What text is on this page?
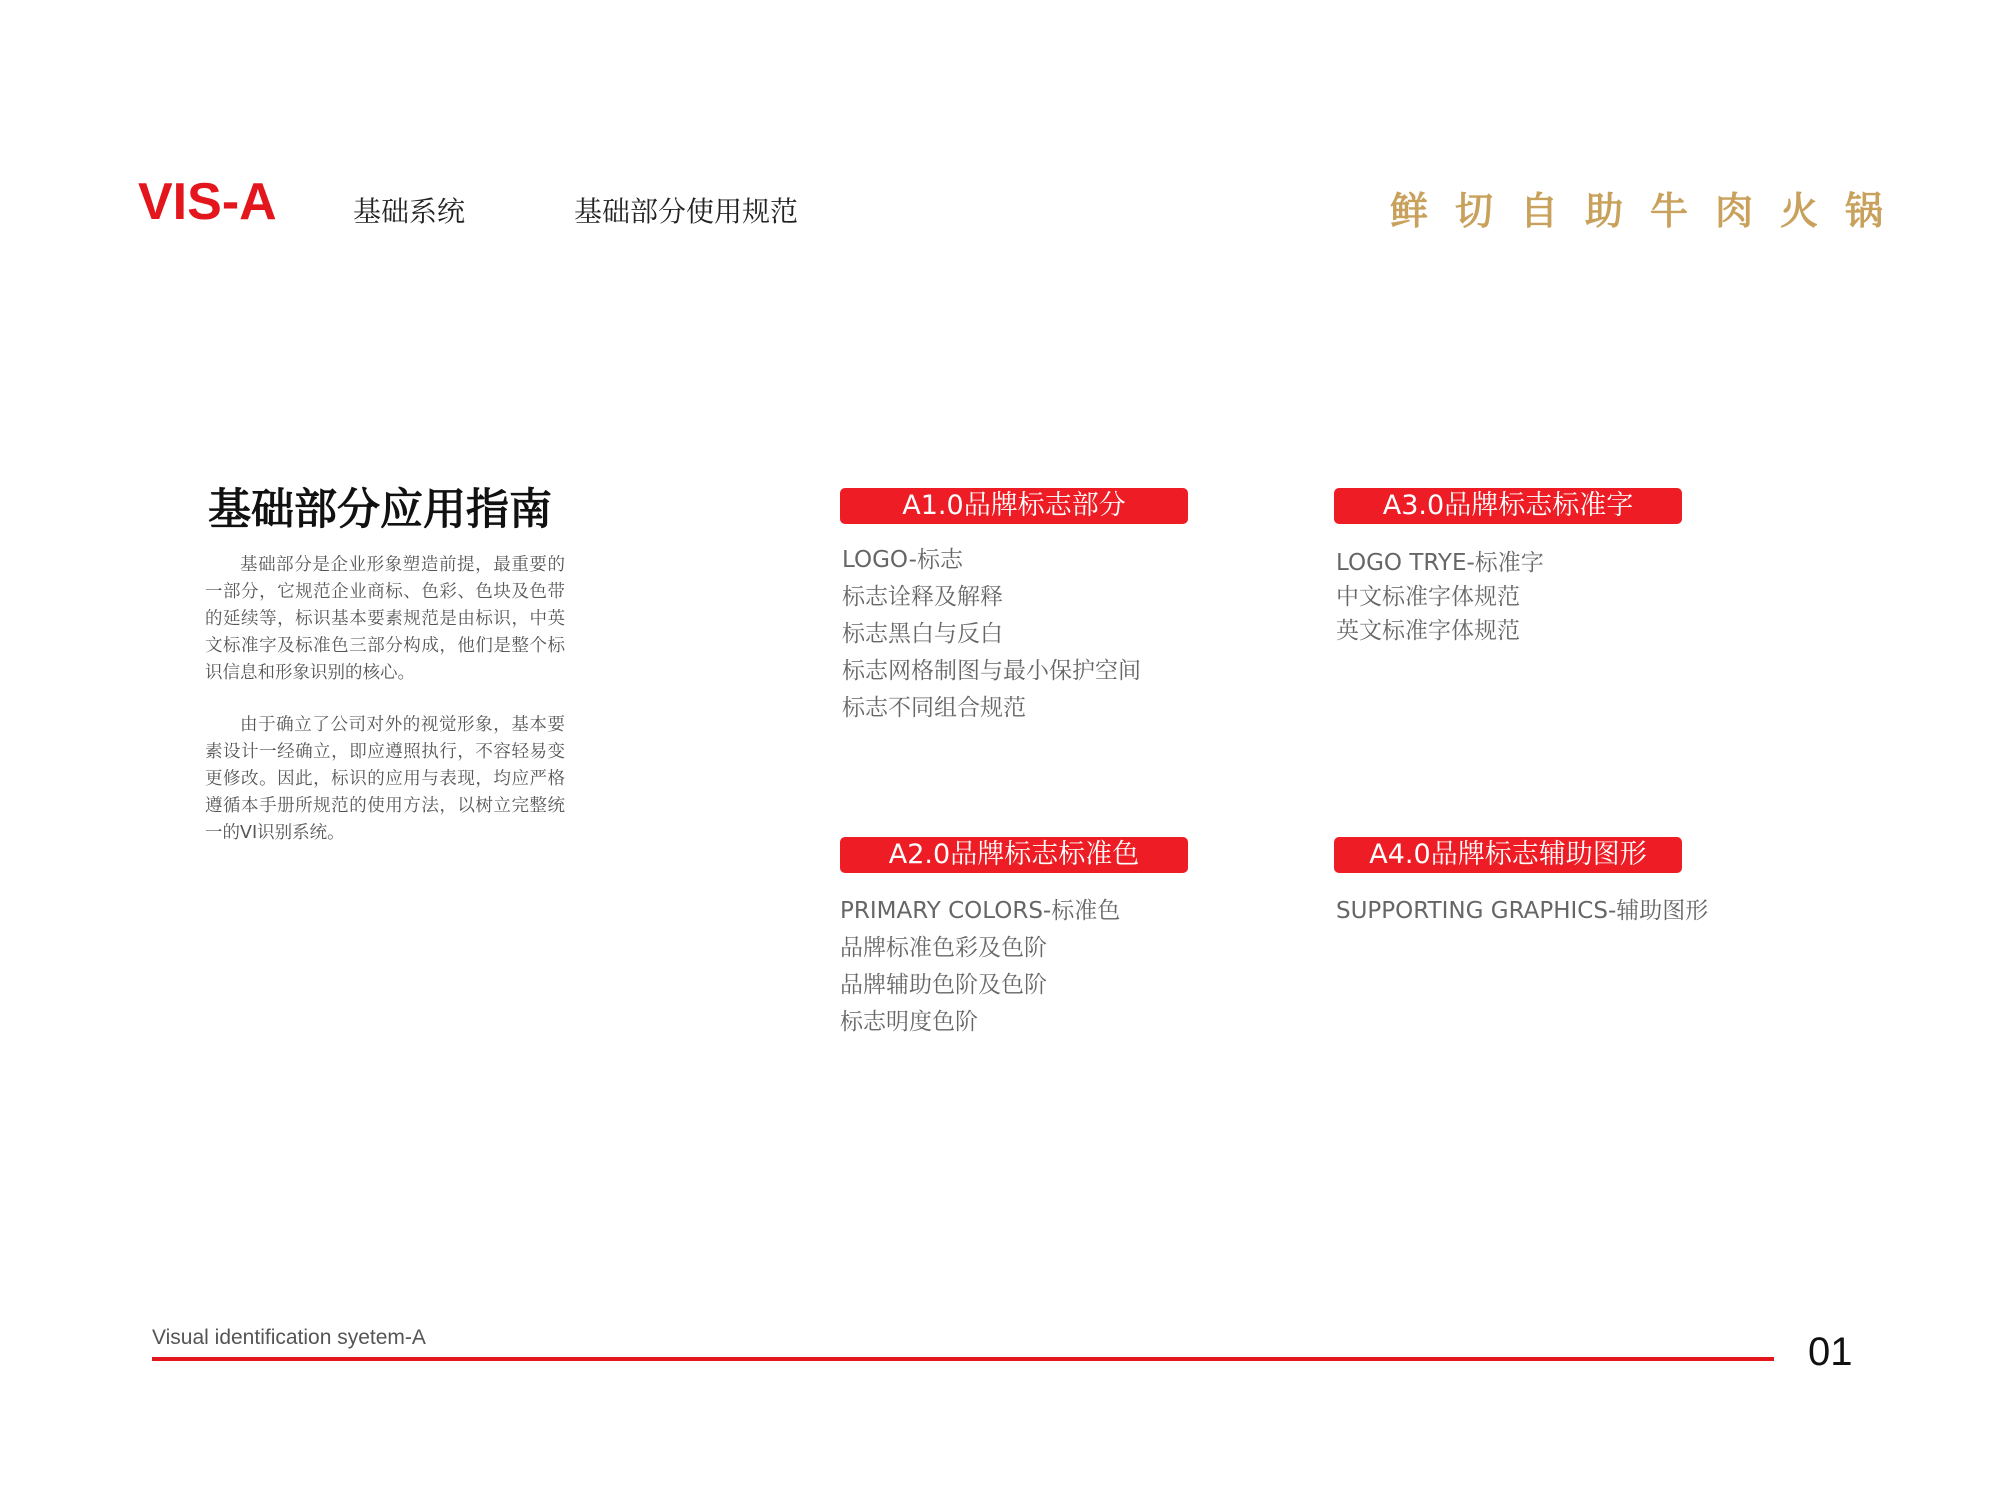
VIS-A	基础系统	基础部分使用规范	鲜切自助牛肉火锅
基础部分应用指南
基础部分是企业形象塑造前提，最重要的一部分，它规范企业商标、色彩、色块及色带的延续等，标识基本要素规范是由标识，中英文标准字及标准色三部分构成，他们是整个标识信息和形象识别的核心。
由于确立了公司对外的视觉形象，基本要素设计一经确立，即应遵照执行，不容轻易变更修改。因此，标识的应用与表现，均应严格遵循本手册所规范的使用方法，以树立完整统一的VI识别系统。
A1.0品牌标志部分
LOGO-标志
标志诠释及解释
标志黑白与反白
标志网格制图与最小保护空间
标志不同组合规范
A3.0品牌标志标准字
LOGO TRYE-标准字
中文标准字体规范
英文标准字体规范
A2.0品牌标志标准色
PRIMARY COLORS-标准色
品牌标准色彩及色阶
品牌辅助色阶及色阶
标志明度色阶
A4.0品牌标志辅助图形
SUPPORTING GRAPHICS-辅助图形
Visual identification syetem-A	01
